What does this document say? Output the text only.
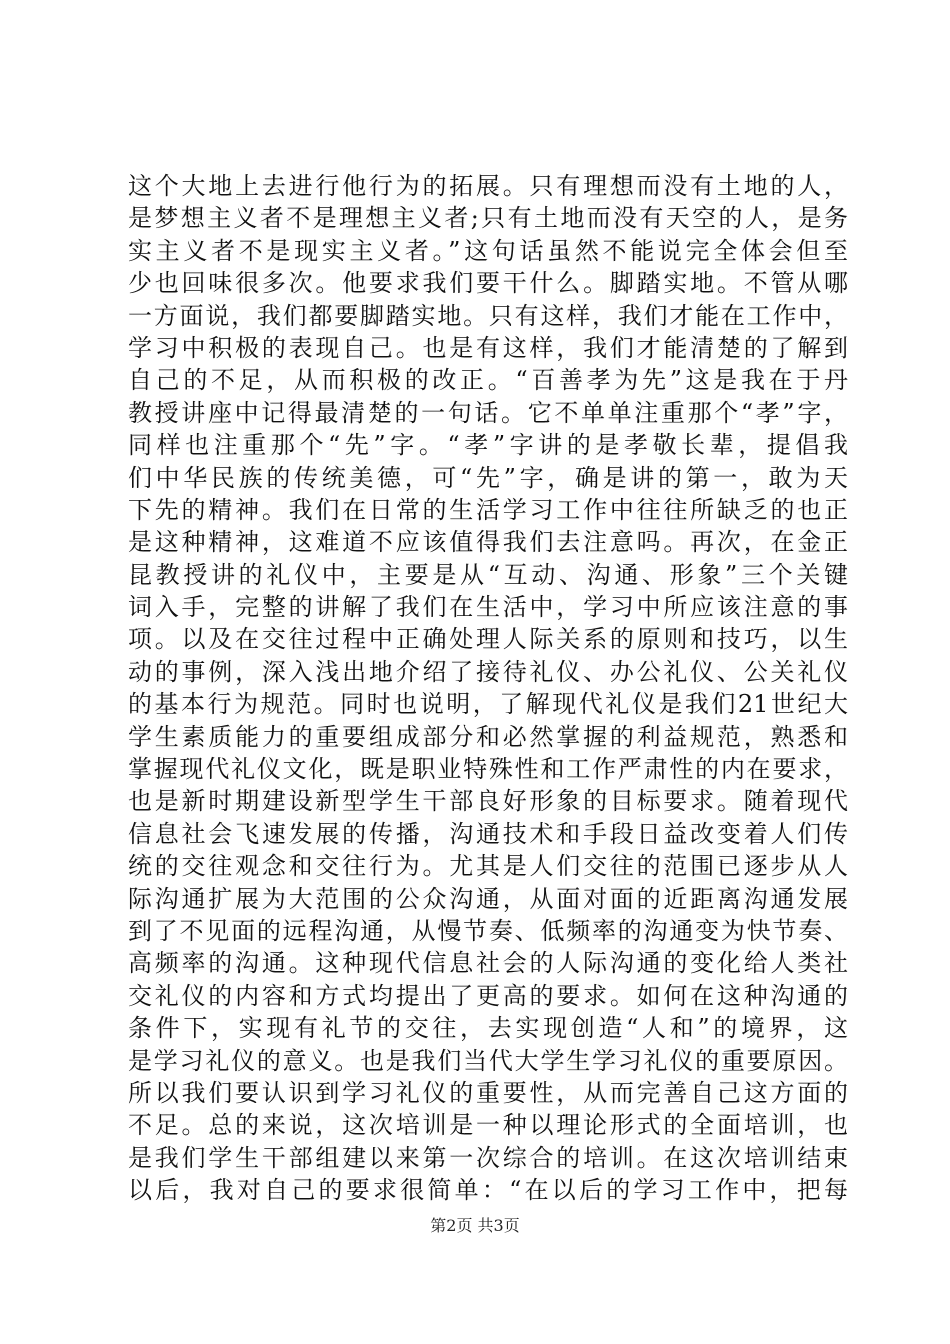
这个大地上去进行他行为的拓展。只有理想而没有土地的人，
是梦想主义者不是理想主义者;只有土地而没有天空的人，是务
实主义者不是现实主义者。”这句话虽然不能说完全体会但至
少也回味很多次。他要求我们要干什么。脚踏实地。不管从哪
一方面说，我们都要脚踏实地。只有这样，我们才能在工作中，
学习中积极的表现自己。也是有这样，我们才能清楚的了解到
自己的不足，从而积极的改正。“百善孝为先”这是我在于丹
教授讲座中记得最清楚的一句话。它不单单注重那个“孝”字，
同样也注重那个“先”字。“孝”字讲的是孝敬长辈，提倡我
们中华民族的传统美德，可“先”字，确是讲的第一，敢为天
下先的精神。我们在日常的生活学习工作中往往所缺乏的也正
是这种精神，这难道不应该值得我们去注意吗。再次，在金正
昆教授讲的礼仪中，主要是从“互动、沟通、形象”三个关键
词入手，完整的讲解了我们在生活中，学习中所应该注意的事
项。以及在交往过程中正确处理人际关系的原则和技巧，以生
动的事例，深入浅出地介绍了接待礼仪、办公礼仪、公关礼仪
的基本行为规范。同时也说明，了解现代礼仪是我们21世纪大
学生素质能力的重要组成部分和必然掌握的利益规范，熟悉和
掌握现代礼仪文化，既是职业特殊性和工作严肃性的内在要求，
也是新时期建设新型学生干部良好形象的目标要求。随着现代
信息社会飞速发展的传播，沟通技术和手段日益改变着人们传
统的交往观念和交往行为。尤其是人们交往的范围已逐步从人
际沟通扩展为大范围的公众沟通，从面对面的近距离沟通发展
到了不见面的远程沟通，从慢节奏、低频率的沟通变为快节奏、
高频率的沟通。这种现代信息社会的人际沟通的变化给人类社
交礼仪的内容和方式均提出了更高的要求。如何在这种沟通的
条件下，实现有礼节的交往，去实现创造“人和”的境界，这
是学习礼仪的意义。也是我们当代大学生学习礼仪的重要原因。
所以我们要认识到学习礼仪的重要性，从而完善自己这方面的
不足。总的来说，这次培训是一种以理论形式的全面培训，也
是我们学生干部组建以来第一次综合的培训。在这次培训结束
以后，我对自己的要求很简单：“在以后的学习工作中，把每
第2页 共3页
